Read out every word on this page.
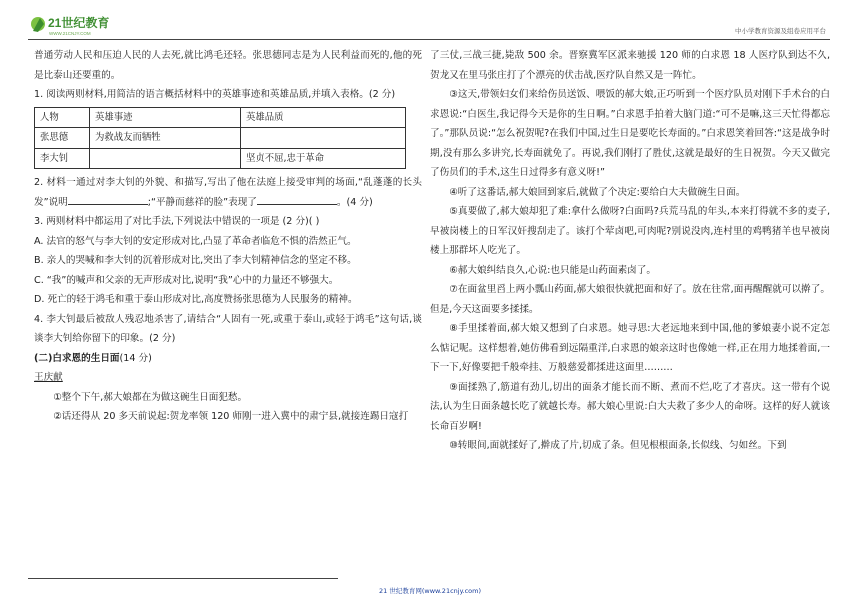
21世纪教育
WWW.21CNJY.COM	中小学教育资源及组卷应用平台

普通劳动人民和压迫人民的人去死,就比鸿毛还轻。张思德同志是为人民利益而死的,他的死是比泰山还要重的。

1. 阅读两则材料,用简洁的语言概括材料中的英雄事迹和英雄品质,并填入表格。(2 分)

人物	英雄事迹	英雄品质
张思德	为救战友而牺牲	
李大钊		坚贞不屈,忠于革命

2. 材料一通过对李大钊的外貌、和描写,写出了他在法庭上接受审判的场面,“乱蓬蓬的长头发”说明	;“平静而慈祥的脸”表现了	。(4 分)

3. 两则材料中都运用了对比手法,下列说法中错误的一项是 (2 分)( )

A. 法官的怒气与李大钊的安定形成对比,凸显了革命者临危不惧的浩然正气。

B. 亲人的哭喊和李大钊的沉着形成对比,突出了李大钊精神信念的坚定不移。

C. “我”的喊声和父亲的无声形成对比,说明“我”心中的力量还不够强大。

D. 死亡的轻于鸿毛和重于泰山形成对比,高度赞扬张思德为人民服务的精神。

4. 李大钊最后被敌人残忍地杀害了,请结合“人固有一死,或重于泰山,或轻于鸿毛”这句话,谈谈李大钊给你留下的印象。(2 分)

(二)白求恩的生日面(14 分)

王庆献

①整个下午,郝大娘都在为做这碗生日面犯愁。

②话还得从 20 多天前说起:贺龙率领 120 师刚一进入冀中的肃宁县,就接连踢日寇打

了三仗,三战三捷,毙敌 500 余。晋察冀军区派来驰援 120 师的白求恩 18 人医疗队到达不久,贺龙又在里马张庄打了个漂亮的伏击战,医疗队自然又是一阵忙。

③这天,带领妇女们来给伤员送饭、喂饭的郝大娘,正巧听到一个医疗队员对刚下手术台的白求恩说:“白医生,我记得今天是你的生日啊。”白求恩手拍着大脑门道:“可不是嘛,这三天忙得都忘了。”那队员说:“怎么祝贺呢?在我们中国,过生日是要吃长寿面的。”白求恩笑着回答:“这是战争时期,没有那么多讲究,长寿面就免了。再说,我们刚打了胜仗,这就是最好的生日祝贺。今天又做完了伤员们的手术,这生日过得多有意义呀!”

④听了这番话,郝大娘回到家后,就做了个决定:要给白大夫做碗生日面。

⑤真要做了,郝大娘却犯了难:拿什么做呀?白面吗?兵荒马乱的年头,本来打得就不多的麦子,早被岗楼上的日军汉奸搜刮走了。该打个荤卤吧,可肉呢?别说没肉,连村里的鸡鸭猪羊也早被岗楼上那群坏人吃光了。

⑥郝大娘纠结良久,心说:也只能是山药面素卤了。

⑦在面盆里舀上两小瓢山药面,郝大娘很快就把面和好了。放在往常,面再醒醒就可以擀了。但是,今天这面要多揉揉。

⑧手里揉着面,郝大娘又想到了白求恩。她寻思:大老远地来到中国,他的爹娘妻小说不定怎么惦记呢。这样想着,她仿佛看到远隔重洋,白求恩的娘亲这时也像她一样,正在用力地揉着面,一下一下,好像要把千般牵挂、万般慈爱都揉进这面里………

⑨面揉熟了,筋道有劲儿,切出的面条才能长而不断、煮而不烂,吃了才喜庆。这一带有个说法,认为生日面条越长吃了就越长寿。郝大娘心里说:白大夫救了多少人的命呀。这样的好人就该长命百岁啊!

⑩转眼间,面就揉好了,擀成了片,切成了条。但见根根面条,长似线、匀如丝。下到

21 世纪教育网(www.21cnjy.com)
